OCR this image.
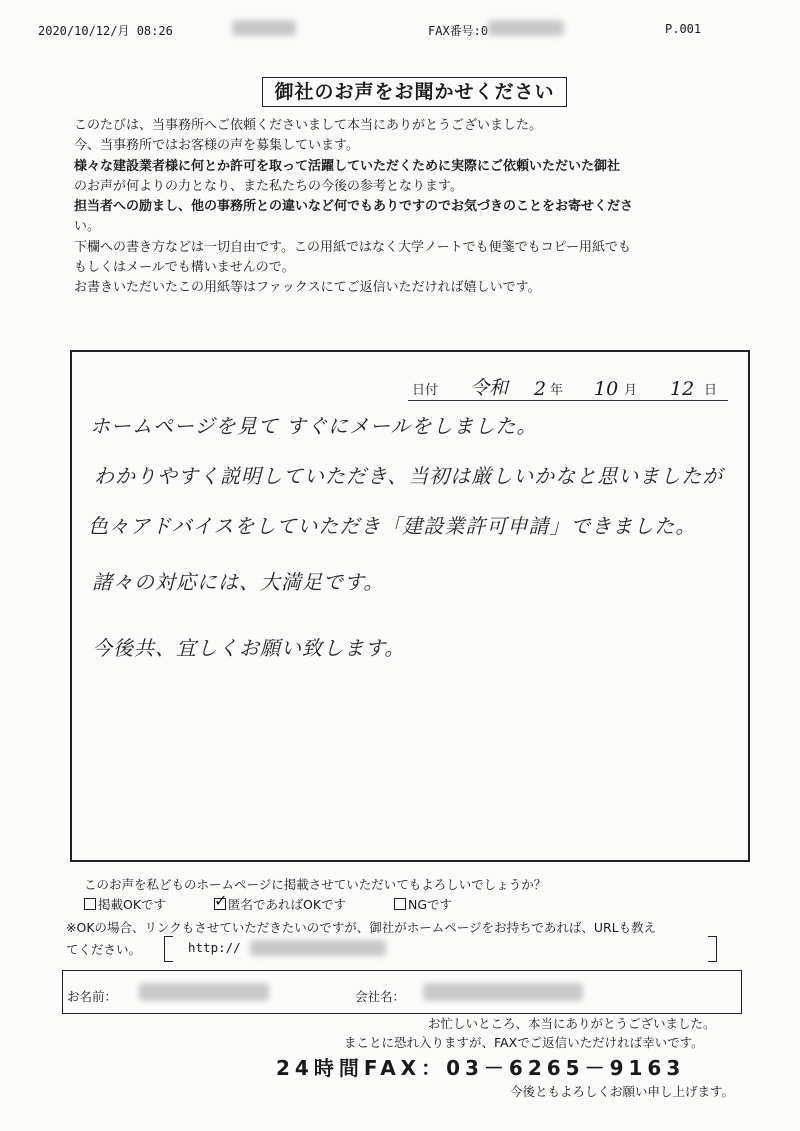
2020/10/12/月 08:26	FAX番号:0	P.001
御社のお声をお聞かせください

このたびは、当事務所へご依頼くださいまして本当にありがとうございました。

今、当事務所ではお客様の声を募集しています。

様々な建設業者様に何とか許可を取って活躍していただくために実際にご依頼いただいた御社

のお声が何よりの力となり、また私たちの今後の参考となります。

担当者への励まし、他の事務所との違いなど何でもありですのでお気づきのことをお寄せくださ

い。

下欄への書き方などは一切自由です。この用紙ではなく大学ノートでも便箋でもコピー用紙でも

もしくはメールでも構いませんので。

お書きいただいたこの用紙等はファックスにてご返信いただければ嬉しいです。

日付 令和 2 年 10 月 12 日
ホームページを見て すぐにメールをしました。
わかりやすく説明していただき、当初は厳しいかなと思いましたが
色々アドバイスをしていただき「建設業許可申請」できました。
諸々の対応には、大満足です。
今後共、宜しくお願い致します。
このお声を私どものホームページに掲載させていただいてもよろしいでしょうか？
掲載OKです	✓ 匿名であればOKです	NGです
※OKの場合、リンクもさせていただきたいのですが、御社がホームページをお持ちであれば、URLも教え
てください。	http://
お名前：	会社名：
お忙しいところ、本当にありがとうございました。
まことに恐れ入りますが、FAXでご返信いただければ幸いです。
24時間FAX：03－6265－9163
今後ともよろしくお願い申し上げます。
